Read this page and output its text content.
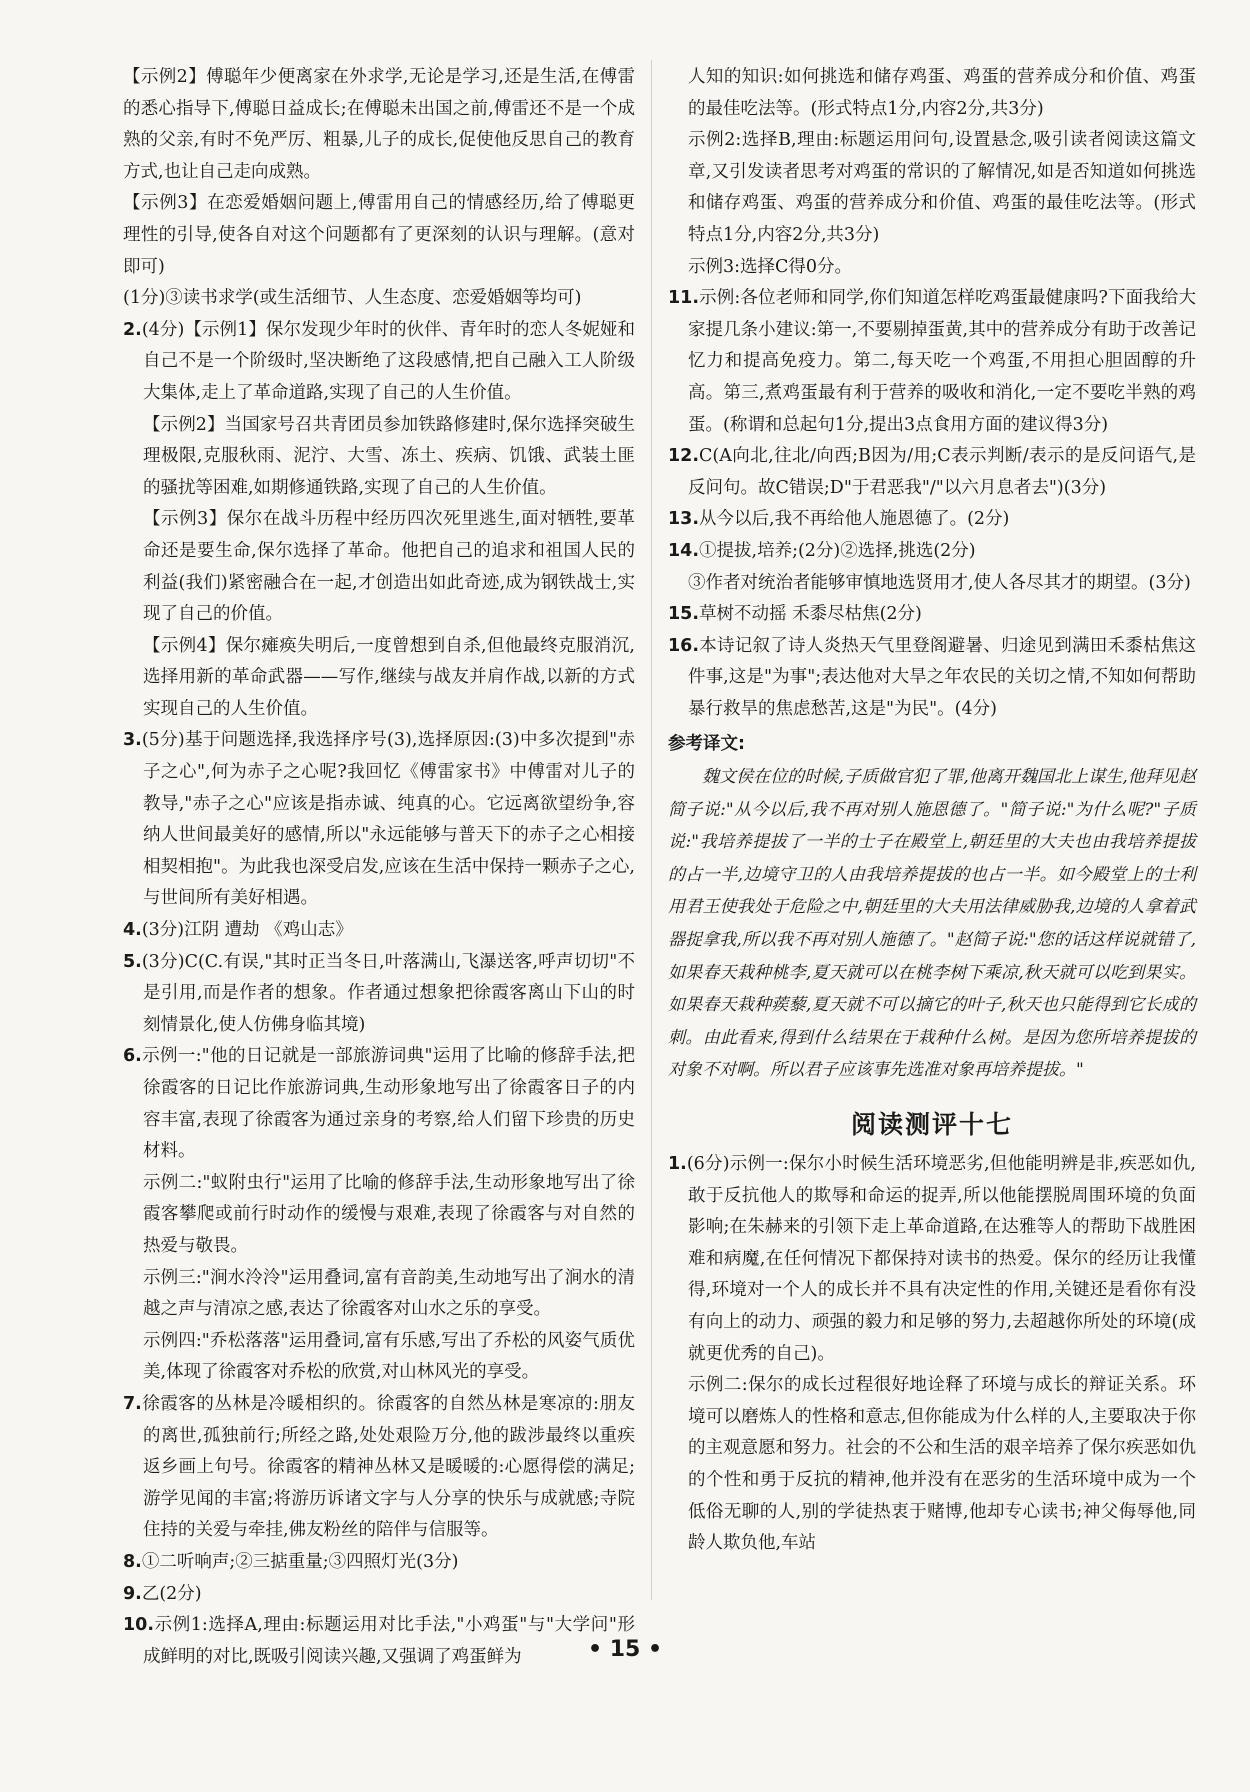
【示例2】傅聪年少便离家在外求学,无论是学习,还是生活,在傅雷的悉心指导下,傅聪日益成长;在傅聪未出国之前,傅雷还不是一个成熟的父亲,有时不免严厉、粗暴,儿子的成长,促使他反思自己的教育方式,也让自己走向成熟。

【示例3】在恋爱婚姻问题上,傅雷用自己的情感经历,给了傅聪更理性的引导,使各自对这个问题都有了更深刻的认识与理解。(意对即可)

(1分)③读书求学(或生活细节、人生态度、恋爱婚姻等均可)

2.(4分)【示例1】保尔发现少年时的伙伴、青年时的恋人冬妮娅和自己不是一个阶级时,坚决断绝了这段感情,把自己融入工人阶级大集体,走上了革命道路,实现了自己的人生价值。

【示例2】当国家号召共青团员参加铁路修建时,保尔选择突破生理极限,克服秋雨、泥泞、大雪、冻土、疾病、饥饿、武装土匪的骚扰等困难,如期修通铁路,实现了自己的人生价值。

【示例3】保尔在战斗历程中经历四次死里逃生,面对牺牲,要革命还是要生命,保尔选择了革命。他把自己的追求和祖国人民的利益(我们)紧密融合在一起,才创造出如此奇迹,成为钢铁战士,实现了自己的价值。

【示例4】保尔瘫痪失明后,一度曾想到自杀,但他最终克服消沉,选择用新的革命武器——写作,继续与战友并肩作战,以新的方式实现自己的人生价值。

3.(5分)基于问题选择,我选择序号(3),选择原因:(3)中多次提到"赤子之心",何为赤子之心呢?我回忆《傅雷家书》中傅雷对儿子的教导,"赤子之心"应该是指赤诚、纯真的心。它远离欲望纷争,容纳人世间最美好的感情,所以"永远能够与普天下的赤子之心相接相契相抱"。为此我也深受启发,应该在生活中保持一颗赤子之心,与世间所有美好相遇。

4.(3分)江阴 遭劫 《鸡山志》

5.(3分)C(C.有误,"其时正当冬日,叶落满山,飞瀑送客,呼声切切"不是引用,而是作者的想象。作者通过想象把徐霞客离山下山的时刻情景化,使人仿佛身临其境)

6.示例一:"他的日记就是一部旅游词典"运用了比喻的修辞手法,把徐霞客的日记比作旅游词典,生动形象地写出了徐霞客日子的内容丰富,表现了徐霞客为通过亲身的考察,给人们留下珍贵的历史材料。

示例二:"蚁附虫行"运用了比喻的修辞手法,生动形象地写出了徐霞客攀爬或前行时动作的缓慢与艰难,表现了徐霞客与对自然的热爱与敬畏。

示例三:"涧水泠泠"运用叠词,富有音韵美,生动地写出了涧水的清越之声与清凉之感,表达了徐霞客对山水之乐的享受。

示例四:"乔松落落"运用叠词,富有乐感,写出了乔松的风姿气质优美,体现了徐霞客对乔松的欣赏,对山林风光的享受。

7.徐霞客的丛林是冷暖相织的。徐霞客的自然丛林是寒凉的:朋友的离世,孤独前行;所经之路,处处艰险万分,他的跋涉最终以重疾返乡画上句号。徐霞客的精神丛林又是暖暖的:心愿得偿的满足;游学见闻的丰富;将游历诉诸文字与人分享的快乐与成就感;寺院住持的关爱与牵挂,佛友粉丝的陪伴与信服等。

8.①二听响声;②三掂重量;③四照灯光(3分)

9.乙(2分)

10.示例1:选择A,理由:标题运用对比手法,"小鸡蛋"与"大学问"形成鲜明的对比,既吸引阅读兴趣,又强调了鸡蛋鲜为

人知的知识:如何挑选和储存鸡蛋、鸡蛋的营养成分和价值、鸡蛋的最佳吃法等。(形式特点1分,内容2分,共3分)

示例2:选择B,理由:标题运用问句,设置悬念,吸引读者阅读这篇文章,又引发读者思考对鸡蛋的常识的了解情况,如是否知道如何挑选和储存鸡蛋、鸡蛋的营养成分和价值、鸡蛋的最佳吃法等。(形式特点1分,内容2分,共3分)

示例3:选择C得0分。

11.示例:各位老师和同学,你们知道怎样吃鸡蛋最健康吗?下面我给大家提几条小建议:第一,不要剔掉蛋黄,其中的营养成分有助于改善记忆力和提高免疫力。第二,每天吃一个鸡蛋,不用担心胆固醇的升高。第三,煮鸡蛋最有利于营养的吸收和消化,一定不要吃半熟的鸡蛋。(称谓和总起句1分,提出3点食用方面的建议得3分)

12.C(A向北,往北/向西;B因为/用;C表示判断/表示的是反问语气,是反问句。故C错误;D"于君恶我"/"以六月息者去")(3分)

13.从今以后,我不再给他人施恩德了。(2分)

14.①提拔,培养;(2分)②选择,挑选(2分)

③作者对统治者能够审慎地选贤用才,使人各尽其才的期望。(3分)

15.草树不动摇 禾黍尽枯焦(2分)

16.本诗记叙了诗人炎热天气里登阁避暑、归途见到满田禾黍枯焦这件事,这是"为事";表达他对大旱之年农民的关切之情,不知如何帮助暴行救旱的焦虑愁苦,这是"为民"。(4分)

参考译文:

魏文侯在位的时候,子质做官犯了罪,他离开魏国北上谋生,他拜见赵简子说:"从今以后,我不再对别人施恩德了。"简子说:"为什么呢?"子质说:"我培养提拔了一半的士子在殿堂上,朝廷里的大夫也由我培养提拔的占一半,边境守卫的人由我培养提拔的也占一半。如今殿堂上的士利用君王使我处于危险之中,朝廷里的大夫用法律威胁我,边境的人拿着武器捉拿我,所以我不再对别人施德了。"赵简子说:"您的话这样说就错了,如果春天栽种桃李,夏天就可以在桃李树下乘凉,秋天就可以吃到果实。如果春天栽种蒺藜,夏天就不可以摘它的叶子,秋天也只能得到它长成的刺。由此看来,得到什么结果在于栽种什么树。是因为您所培养提拔的对象不对啊。所以君子应该事先选准对象再培养提拔。"

阅读测评十七

1.(6分)示例一:保尔小时候生活环境恶劣,但他能明辨是非,疾恶如仇,敢于反抗他人的欺辱和命运的捉弄,所以他能摆脱周围环境的负面影响;在朱赫来的引领下走上革命道路,在达雅等人的帮助下战胜困难和病魔,在任何情况下都保持对读书的热爱。保尔的经历让我懂得,环境对一个人的成长并不具有决定性的作用,关键还是看你有没有向上的动力、顽强的毅力和足够的努力,去超越你所处的环境(成就更优秀的自己)。

示例二:保尔的成长过程很好地诠释了环境与成长的辩证关系。环境可以磨炼人的性格和意志,但你能成为什么样的人,主要取决于你的主观意愿和努力。社会的不公和生活的艰辛培养了保尔疾恶如仇的个性和勇于反抗的精神,他并没有在恶劣的生活环境中成为一个低俗无聊的人,别的学徒热衷于赌博,他却专心读书;神父侮辱他,同龄人欺负他,车站

• 15 •
